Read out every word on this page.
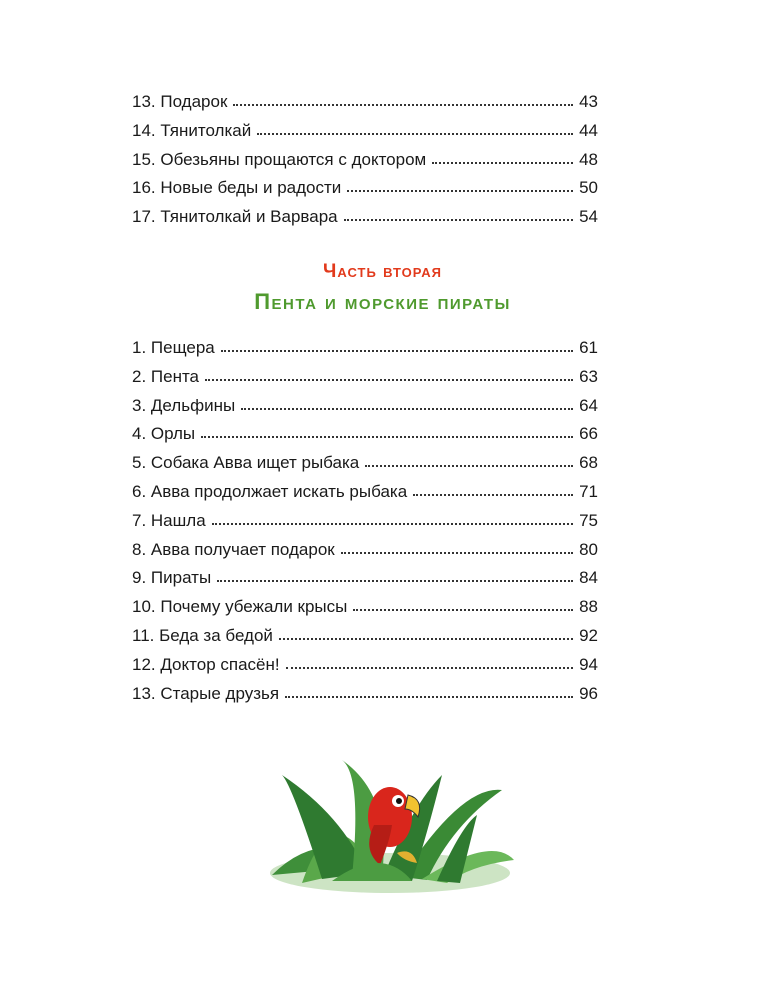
13. Подарок	43
14. Тянитолкай	44
15. Обезьяны прощаются с доктором	48
16. Новые беды и радости	50
17. Тянитолкай и Варвара	54
Часть вторая
Пента и морские пираты
1. Пещера	61
2. Пента	63
3. Дельфины	64
4. Орлы	66
5. Собака Авва ищет рыбака	68
6. Авва продолжает искать рыбака	71
7. Нашла	75
8. Авва получает подарок	80
9. Пираты	84
10. Почему убежали крысы	88
11. Беда за бедой	92
12. Доктор спасён!	94
13. Старые друзья	96
